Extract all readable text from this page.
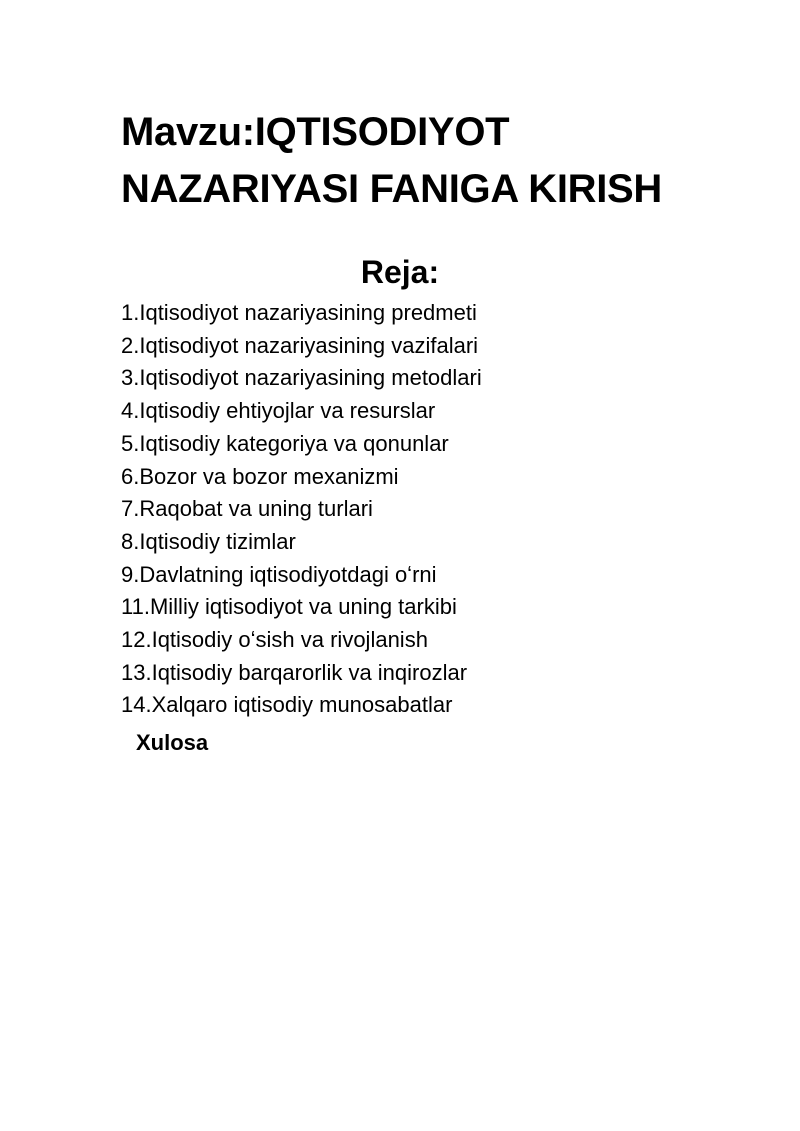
Mavzu:IQTISODIYOT
NAZARIYASI FANIGA KIRISH
Reja:
1.Iqtisodiyot nazariyasining predmeti
2.Iqtisodiyot nazariyasining vazifalari
3.Iqtisodiyot nazariyasining metodlari
4.Iqtisodiy ehtiyojlar va resurslar
5.Iqtisodiy kategoriya va qonunlar
6.Bozor va bozor mexanizmi
7.Raqobat va uning turlari
8.Iqtisodiy tizimlar
9.Davlatning iqtisodiyotdagi oʻrni
11.Milliy iqtisodiyot va uning tarkibi
12.Iqtisodiy oʻsish va rivojlanish
13.Iqtisodiy barqarorlik va inqirozlar
14.Xalqaro iqtisodiy munosabatlar

Xulosa
